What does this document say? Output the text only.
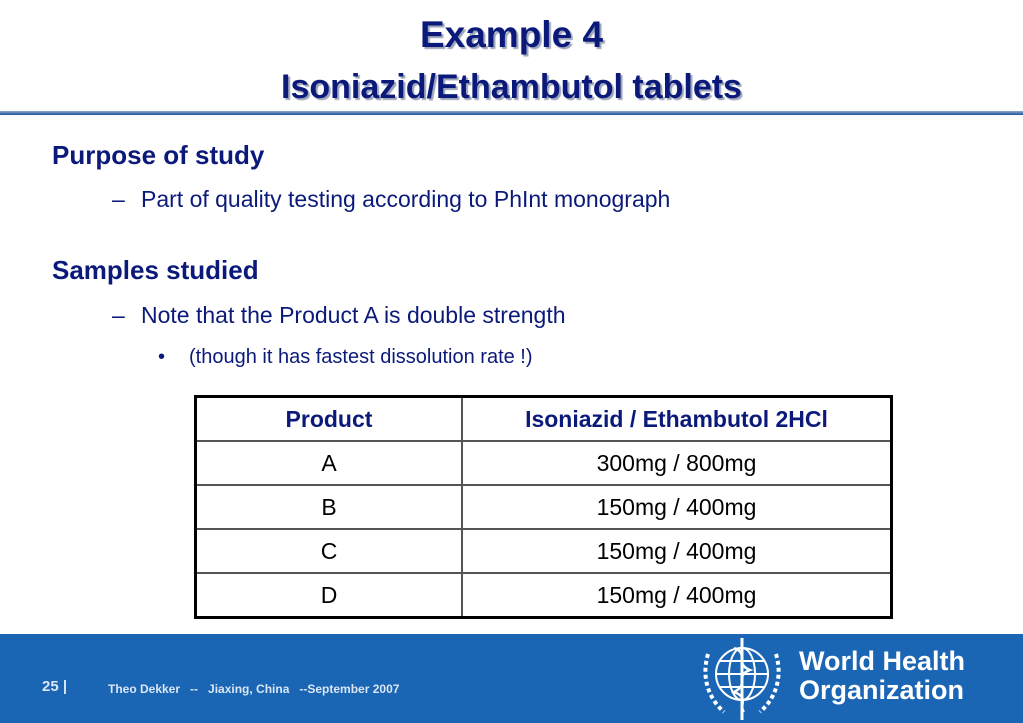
Example 4
Isoniazid/Ethambutol tablets
Purpose of study
– Part of quality testing according to PhInt monograph
Samples studied
– Note that the Product A is double strength
• (though it has fastest dissolution rate !)
Product	Isoniazid / Ethambutol 2HCl
A	300mg / 800mg
B	150mg / 400mg
C	150mg / 400mg
D	150mg / 400mg
25 |	Theo Dekker   --   Jiaxing, China   --September 2007
World Health
Organization
